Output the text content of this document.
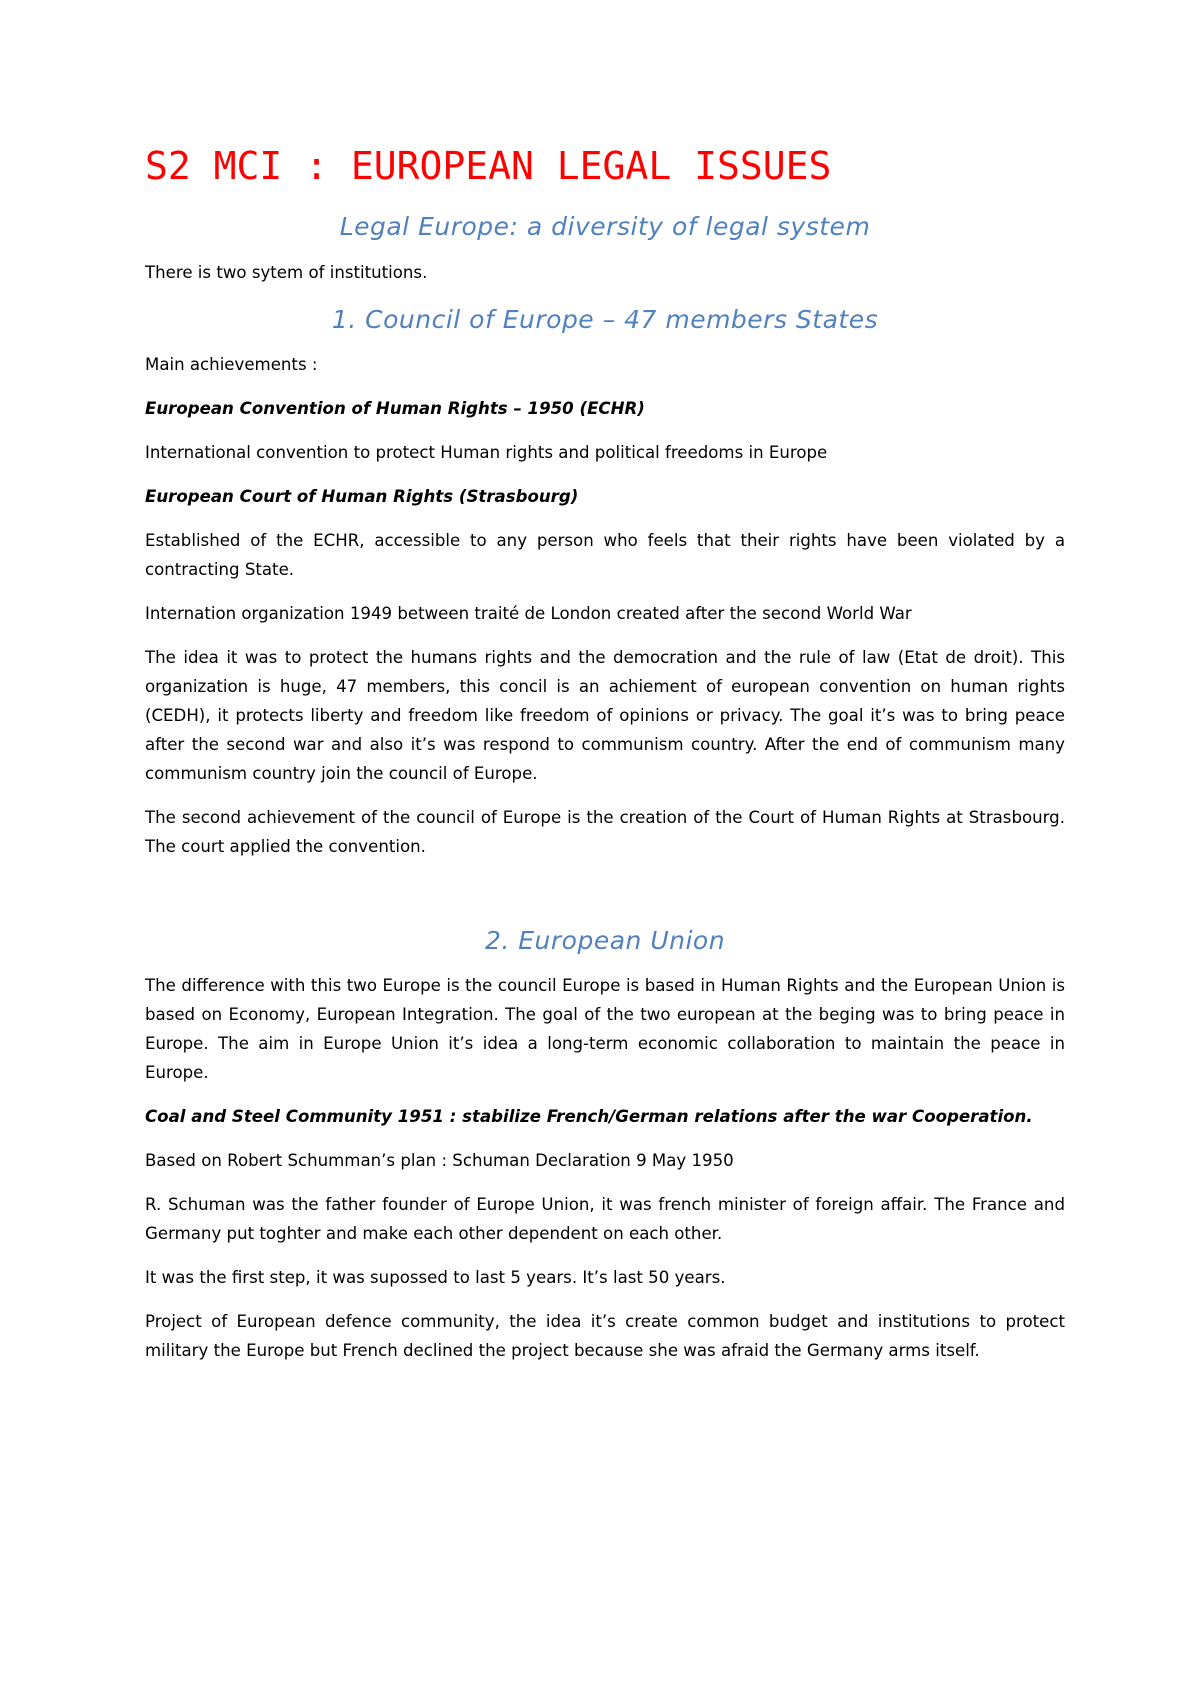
S2 MCI : EUROPEAN LEGAL ISSUES
Legal Europe: a diversity of legal system

There is two sytem of institutions.

1. Council of Europe – 47 members States

Main achievements :

European Convention of Human Rights – 1950 (ECHR)

International convention to protect Human rights and political freedoms in Europe

European Court of Human Rights (Strasbourg)

Established of the ECHR, accessible to any person who feels that their rights have been violated by a contracting State.

Internation organization 1949 between traité de London created after the second World War

The idea it was to protect the humans rights and the democration and the rule of law (Etat de droit). This organization is huge, 47 members, this concil is an achiement of european convention on human rights (CEDH), it protects liberty and freedom like freedom of opinions or privacy. The goal it’s was to bring peace after the second war and also it’s was respond to communism country. After the end of communism many communism country join the council of Europe.

The second achievement of the council of Europe is the creation of the Court of Human Rights at Strasbourg. The court applied the convention.

2. European Union

The difference with this two Europe is the council Europe is based in Human Rights and the European Union is based on Economy, European Integration. The goal of the two european at the beging was to bring peace in Europe. The aim in Europe Union it’s idea a long-term economic collaboration to maintain the peace in Europe.

Coal and Steel Community 1951 : stabilize French/German relations after the war Cooperation.

Based on Robert Schumman’s plan : Schuman Declaration 9 May 1950

R. Schuman was the father founder of Europe Union, it was french minister of foreign affair. The France and Germany put toghter and make each other dependent on each other.

It was the first step, it was supossed to last 5 years. It’s last 50 years.

Project of European defence community, the idea it’s create common budget and institutions to protect military the Europe but French declined the project because she was afraid the Germany arms itself.
